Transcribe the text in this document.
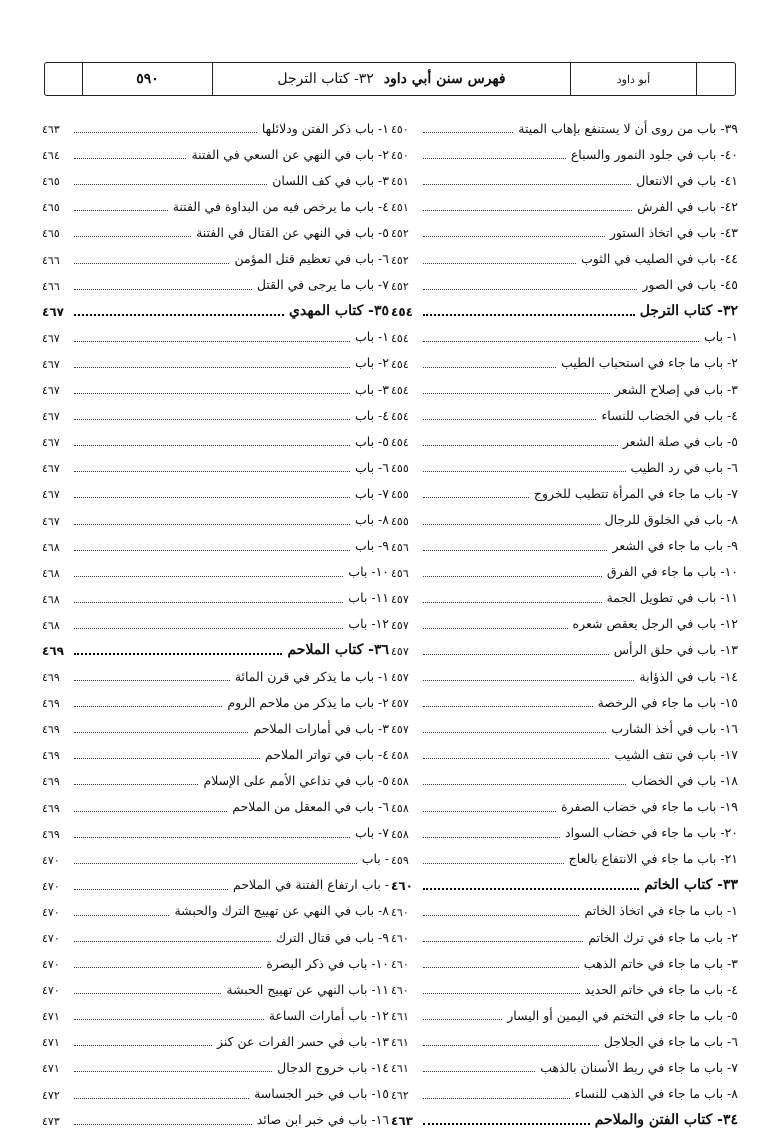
٥٩٠	فهرس سنن أبي داود
٣٢- كتاب الترجل	أبو داود
٣٩- باب من روى أن لا يستنفع بإهاب الميتة
٤٥٠
٤٠- باب في جلود النمور والسباع
٤٥٠
٤١- باب في الانتعال
٤٥١
٤٢- باب في الفرش
٤٥١
٤٣- باب في اتخاذ الستور
٤٥٢
٤٤- باب في الصليب في الثوب
٤٥٢
٤٥- باب في الصور
٤٥٢
٣٢- كتاب الترجل
٤٥٤
١- باب
٤٥٤
٢- باب ما جاء في استحباب الطيب
٤٥٤
٣- باب في إصلاح الشعر
٤٥٤
٤- باب في الخضاب للنساء
٤٥٤
٥- باب في صلة الشعر
٤٥٤
٦- باب في رد الطيب
٤٥٥
٧- باب ما جاء في المرأة تتطيب للخروج
٤٥٥
٨- باب في الخلوق للرجال
٤٥٥
٩- باب ما جاء في الشعر
٤٥٦
١٠- باب ما جاء في الفرق
٤٥٦
١١- باب في تطويل الجمة
٤٥٧
١٢- باب في الرجل يعقص شعره
٤٥٧
١٣- باب في حلق الرأس
٤٥٧
١٤- باب في الذؤابة
٤٥٧
١٥- باب ما جاء في الرخصة
٤٥٧
١٦- باب في أخذ الشارب
٤٥٧
١٧- باب في نتف الشيب
٤٥٨
١٨- باب في الخضاب
٤٥٨
١٩- باب ما جاء في خضاب الصفرة
٤٥٨
٢٠- باب ما جاء في خضاب السواد
٤٥٨
٢١- باب ما جاء في الانتفاع بالعاج
٤٥٩
٣٣- كتاب الخاتم
٤٦٠
١- باب ما جاء في اتخاذ الخاتم
٤٦٠
٢- باب ما جاء في ترك الخاتم
٤٦٠
٣- باب ما جاء في خاتم الذهب
٤٦٠
٤- باب ما جاء في خاتم الحديد
٤٦٠
٥- باب ما جاء في التختم في اليمين أو اليسار
٤٦١
٦- باب ما جاء في الجلاجل
٤٦١
٧- باب ما جاء في ربط الأسنان بالذهب
٤٦١
٨- باب ما جاء في الذهب للنساء
٤٦٢
٣٤- كتاب الفتن والملاحم
٤٦٣
١- باب ذكر الفتن ودلائلها
٤٦٣
٢- باب في النهي عن السعي في الفتنة
٤٦٤
٣- باب في كف اللسان
٤٦٥
٤- باب ما يرخص فيه من البداوة في الفتنة
٤٦٥
٥- باب في النهي عن القتال في الفتنة
٤٦٥
٦- باب في تعظيم قتل المؤمن
٤٦٦
٧- باب ما يرجى في القتل
٤٦٦
٣٥- كتاب المهدي
٤٦٧
١- باب
٤٦٧
٢- باب
٤٦٧
٣- باب
٤٦٧
٤- باب
٤٦٧
٥- باب
٤٦٧
٦- باب
٤٦٧
٧- باب
٤٦٧
٨- باب
٤٦٧
٩- باب
٤٦٨
١٠- باب
٤٦٨
١١- باب
٤٦٨
١٢- باب
٤٦٨
٣٦- كتاب الملاحم
٤٦٩
١- باب ما يذكر في قرن المائة
٤٦٩
٢- باب ما يذكر من ملاحم الروم
٤٦٩
٣- باب في أمارات الملاحم
٤٦٩
٤- باب في تواتر الملاحم
٤٦٩
٥- باب في تداعي الأمم على الإسلام
٤٦٩
٦- باب في المعقل من الملاحم
٤٦٩
٧- باب
٤٦٩
- باب
٤٧٠
- باب ارتفاع الفتنة في الملاحم
٤٧٠
٨- باب في النهي عن تهييج الترك والحبشة
٤٧٠
٩- باب في قتال الترك
٤٧٠
١٠- باب في ذكر البصرة
٤٧٠
١١- باب النهي عن تهييج الحبشة
٤٧٠
١٢- باب أمارات الساعة
٤٧١
١٣- باب في حسر الفرات عن كنز
٤٧١
١٤- باب خروج الدجال
٤٧١
١٥- باب في خبر الجساسة
٤٧٢
١٦- باب في خبر ابن صائد
٤٧٣
